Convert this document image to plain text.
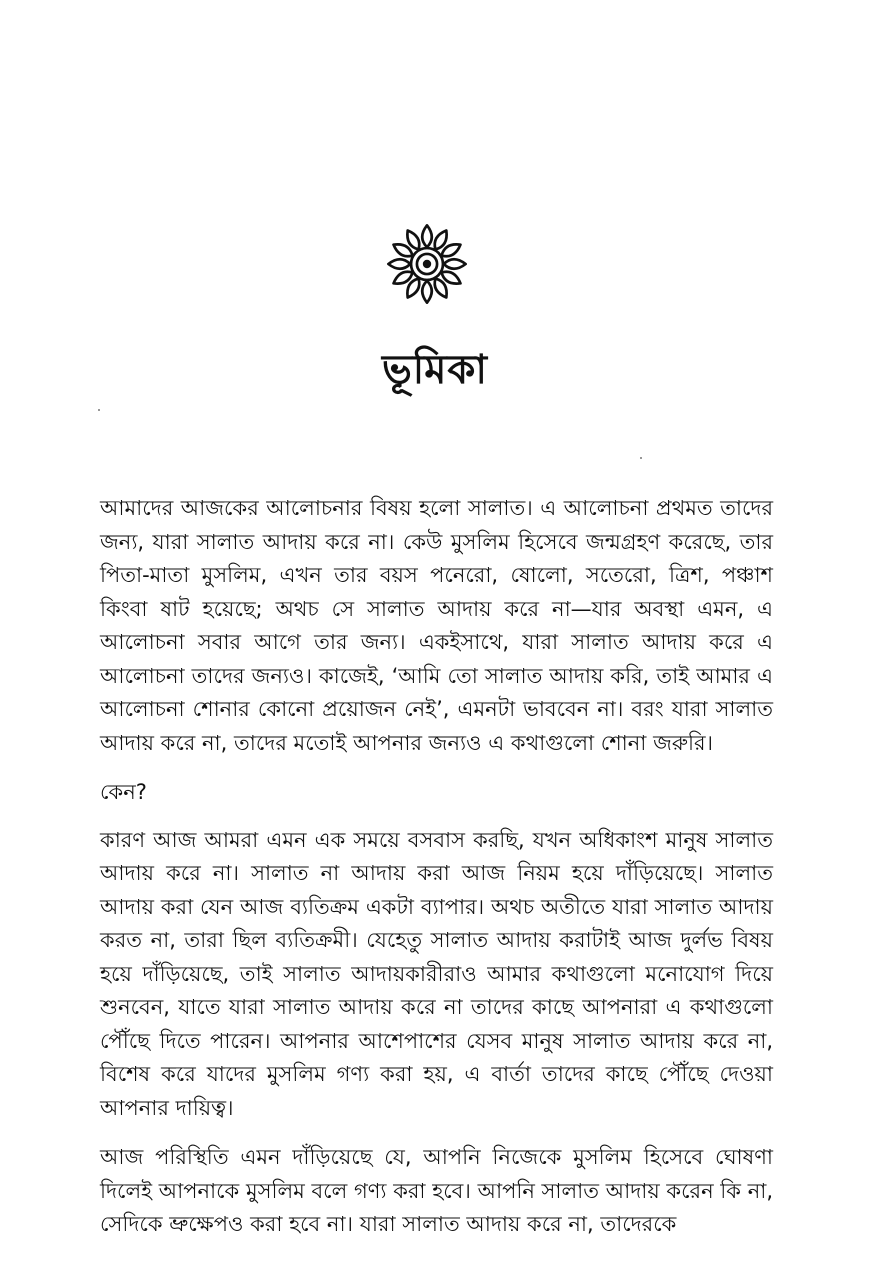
ভূমিকা

আমাদের আজকের আলোচনার বিষয় হলো সালাত। এ আলোচনা প্রথমত তাদের জন্য, যারা সালাত আদায় করে না। কেউ মুসলিম হিসেবে জন্মগ্রহণ করেছে, তার পিতা-মাতা মুসলিম, এখন তার বয়স পনেরো, ষোলো, সতেরো, ত্রিশ, পঞ্চাশ কিংবা ষাট হয়েছে; অথচ সে সালাত আদায় করে না—যার অবস্থা এমন, এ আলোচনা সবার আগে তার জন্য। একইসাথে, যারা সালাত আদায় করে এ আলোচনা তাদের জন্যও। কাজেই, ‘আমি তো সালাত আদায় করি, তাই আমার এ আলোচনা শোনার কোনো প্রয়োজন নেই’, এমনটা ভাববেন না। বরং যারা সালাত আদায় করে না, তাদের মতোই আপনার জন্যও এ কথাগুলো শোনা জরুরি।

কেন?

কারণ আজ আমরা এমন এক সময়ে বসবাস করছি, যখন অধিকাংশ মানুষ সালাত আদায় করে না। সালাত না আদায় করা আজ নিয়ম হয়ে দাঁড়িয়েছে। সালাত আদায় করা যেন আজ ব্যতিক্রম একটা ব্যাপার। অথচ অতীতে যারা সালাত আদায় করত না, তারা ছিল ব্যতিক্রমী। যেহেতু সালাত আদায় করাটাই আজ দুর্লভ বিষয় হয়ে দাঁড়িয়েছে, তাই সালাত আদায়কারীরাও আমার কথাগুলো মনোযোগ দিয়ে শুনবেন, যাতে যারা সালাত আদায় করে না তাদের কাছে আপনারা এ কথাগুলো পৌঁছে দিতে পারেন। আপনার আশেপাশের যেসব মানুষ সালাত আদায় করে না, বিশেষ করে যাদের মুসলিম গণ্য করা হয়, এ বার্তা তাদের কাছে পৌঁছে দেওয়া আপনার দায়িত্ব।

আজ পরিস্থিতি এমন দাঁড়িয়েছে যে, আপনি নিজেকে মুসলিম হিসেবে ঘোষণা দিলেই আপনাকে মুসলিম বলে গণ্য করা হবে। আপনি সালাত আদায় করেন কি না, সেদিকে ভ্রুক্ষেপও করা হবে না। যারা সালাত আদায় করে না, তাদেরকে
